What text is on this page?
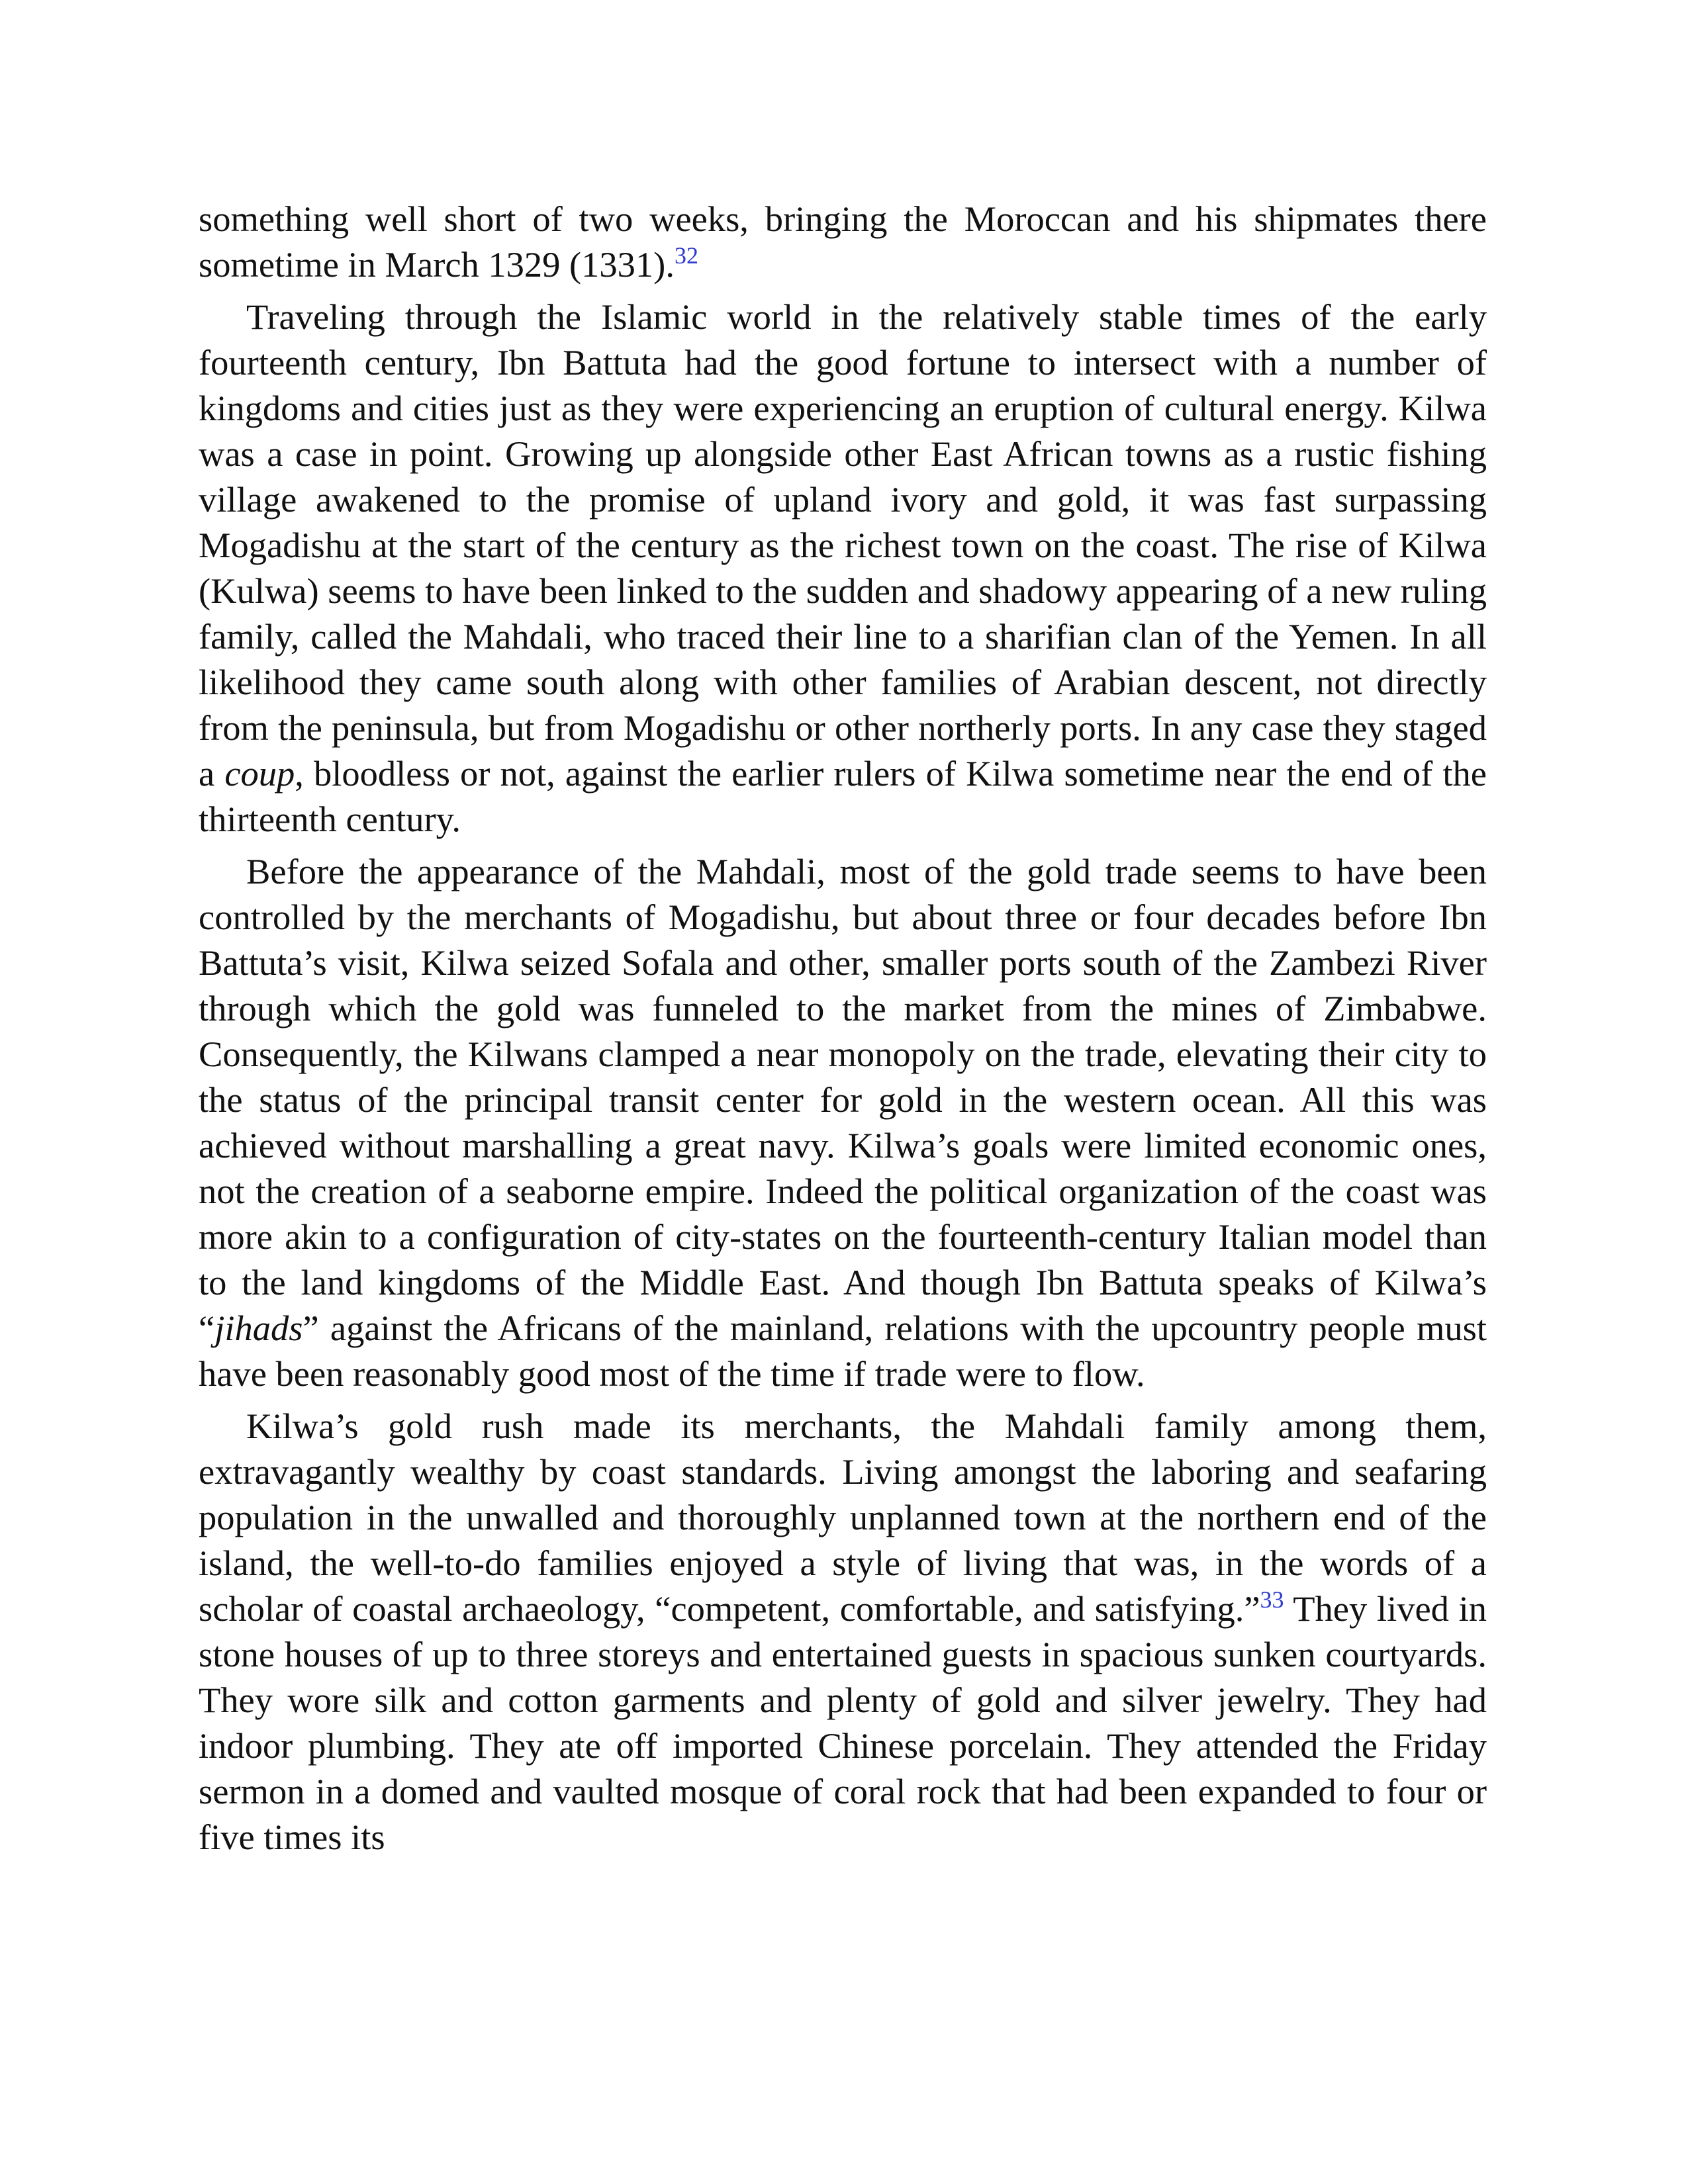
something well short of two weeks, bringing the Moroccan and his shipmates there sometime in March 1329 (1331).$^{32}$

Traveling through the Islamic world in the relatively stable times of the early fourteenth century, Ibn Battuta had the good fortune to intersect with a number of kingdoms and cities just as they were experiencing an eruption of cultural energy. Kilwa was a case in point. Growing up alongside other East African towns as a rustic fishing village awakened to the promise of upland ivory and gold, it was fast surpassing Mogadishu at the start of the century as the richest town on the coast. The rise of Kilwa (Kulwa) seems to have been linked to the sudden and shadowy appearing of a new ruling family, called the Mahdali, who traced their line to a sharifian clan of the Yemen. In all likelihood they came south along with other families of Arabian descent, not directly from the peninsula, but from Mogadishu or other northerly ports. In any case they staged a coup, bloodless or not, against the earlier rulers of Kilwa sometime near the end of the thirteenth century.

Before the appearance of the Mahdali, most of the gold trade seems to have been controlled by the merchants of Mogadishu, but about three or four decades before Ibn Battuta’s visit, Kilwa seized Sofala and other, smaller ports south of the Zambezi River through which the gold was funneled to the market from the mines of Zimbabwe. Consequently, the Kilwans clamped a near monopoly on the trade, elevating their city to the status of the principal transit center for gold in the western ocean. All this was achieved without marshalling a great navy. Kilwa’s goals were limited economic ones, not the creation of a seaborne empire. Indeed the political organization of the coast was more akin to a configuration of city-states on the fourteenth-century Italian model than to the land kingdoms of the Middle East. And though Ibn Battuta speaks of Kilwa’s “jihads” against the Africans of the mainland, relations with the upcountry people must have been reasonably good most of the time if trade were to flow.

Kilwa’s gold rush made its merchants, the Mahdali family among them, extravagantly wealthy by coast standards. Living amongst the laboring and seafaring population in the unwalled and thoroughly unplanned town at the northern end of the island, the well-to-do families enjoyed a style of living that was, in the words of a scholar of coastal archaeology, “competent, comfortable, and satisfying.”$^{33}$ They lived in stone houses of up to three storeys and entertained guests in spacious sunken courtyards. They wore silk and cotton garments and plenty of gold and silver jewelry. They had indoor plumbing. They ate off imported Chinese porcelain. They attended the Friday sermon in a domed and vaulted mosque of coral rock that had been expanded to four or five times its
